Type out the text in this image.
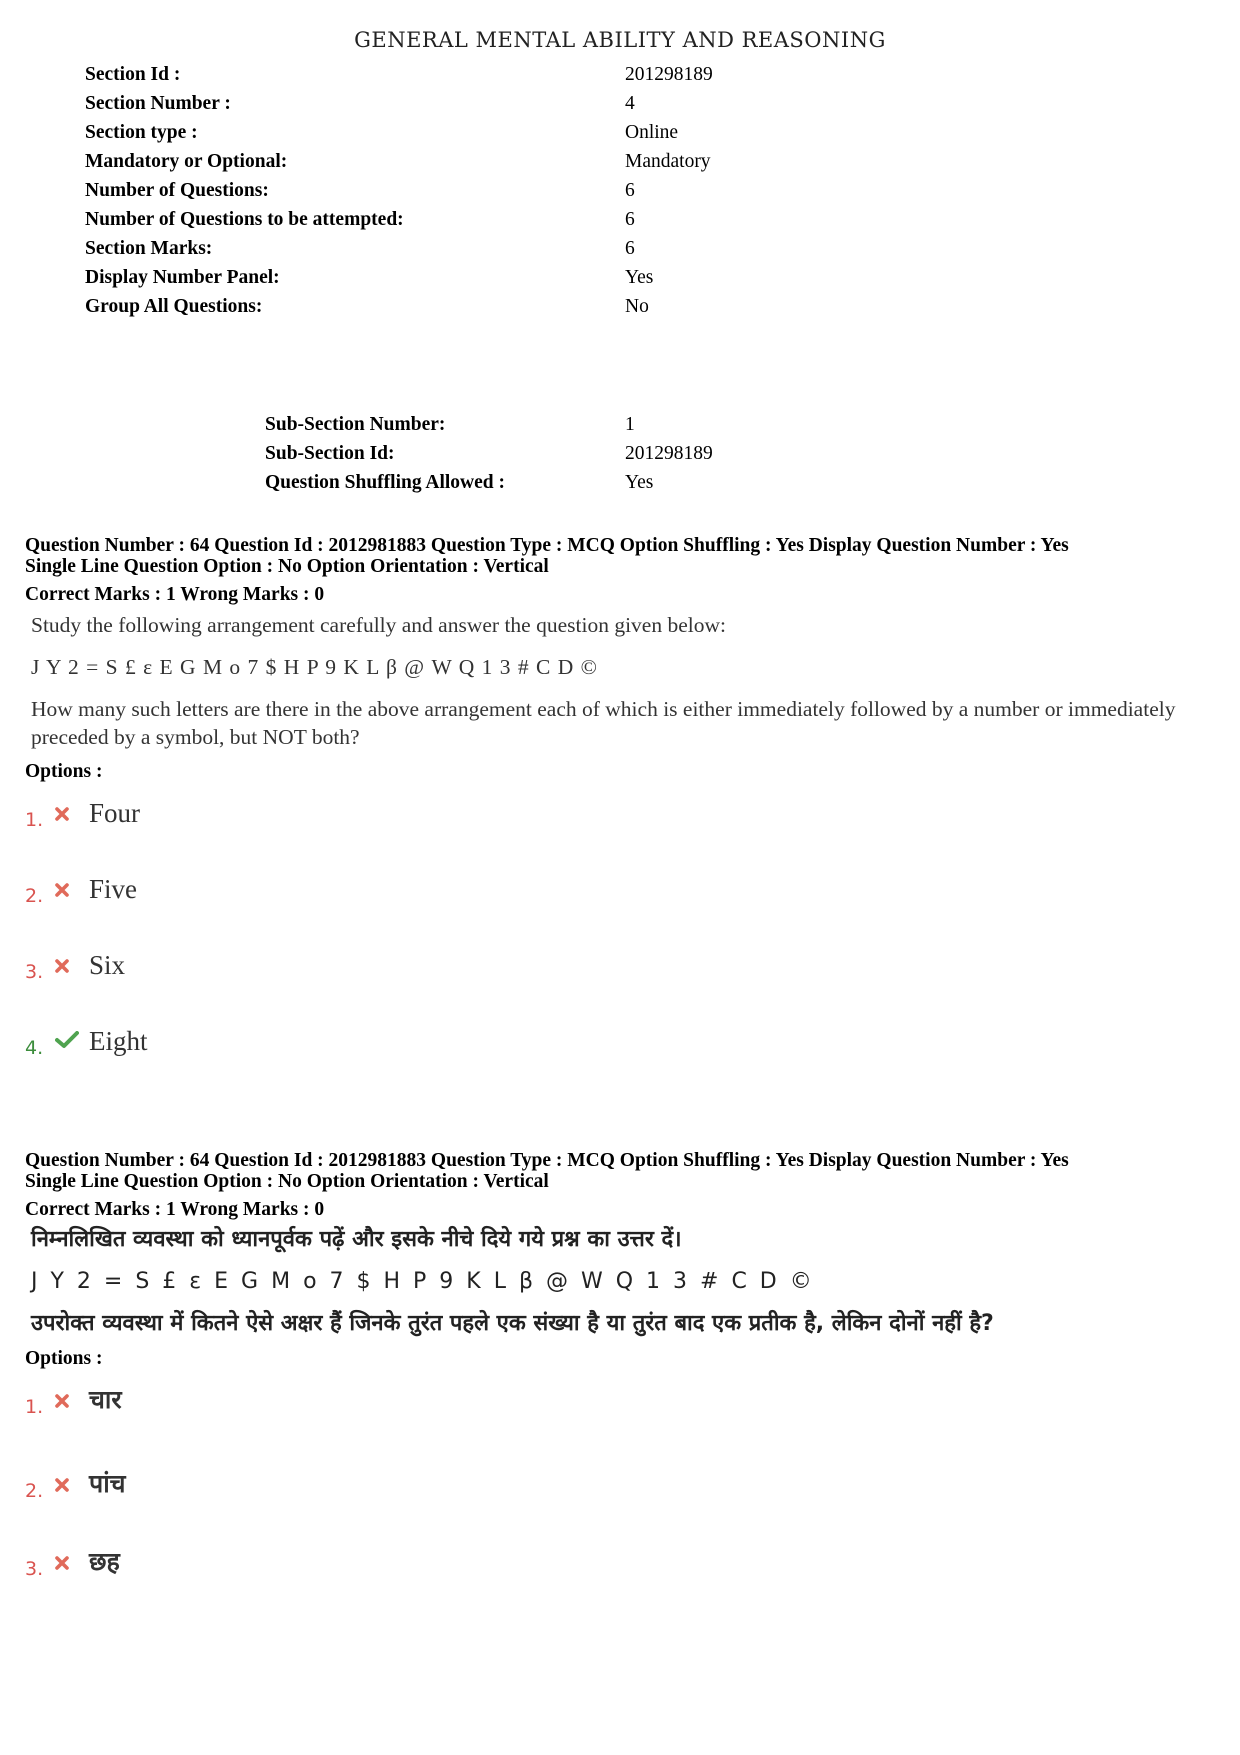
GENERAL MENTAL ABILITY AND REASONING
Section Id :	201298189
Section Number :	4
Section type :	Online
Mandatory or Optional:	Mandatory
Number of Questions:	6
Number of Questions to be attempted:	6
Section Marks:	6
Display Number Panel:	Yes
Group All Questions:	No
Sub-Section Number:	1
Sub-Section Id:	201298189
Question Shuffling Allowed :	Yes
Question Number : 64 Question Id : 2012981883 Question Type : MCQ Option Shuffling : Yes Display Question Number : Yes
Single Line Question Option : No Option Orientation : Vertical
Correct Marks : 1 Wrong Marks : 0

Study the following arrangement carefully and answer the question given below:

J Y 2 = S £ ε E G M o 7 $ H P 9 K L β @ W Q 1 3 # C D ©

How many such letters are there in the above arrangement each of which is either immediately followed by a number or immediately preceded by a symbol, but NOT both?

Options :
1.	Four
2.	Five
3.	Six
4.	Eight
Question Number : 64 Question Id : 2012981883 Question Type : MCQ Option Shuffling : Yes Display Question Number : Yes
Single Line Question Option : No Option Orientation : Vertical
Correct Marks : 1 Wrong Marks : 0

निम्नलिखित व्यवस्था को ध्यानपूर्वक पढ़ें और इसके नीचे दिये गये प्रश्न का उत्तर दें।

J Y 2 = S £ ε E G M o 7 $ H P 9 K L β @ W Q 1 3 # C D ©

उपरोक्त व्यवस्था में कितने ऐसे अक्षर हैं जिनके तुरंत पहले एक संख्या है या तुरंत बाद एक प्रतीक है, लेकिन दोनों नहीं है?

Options :
1.	चार
2.	पांच
3.	छह
